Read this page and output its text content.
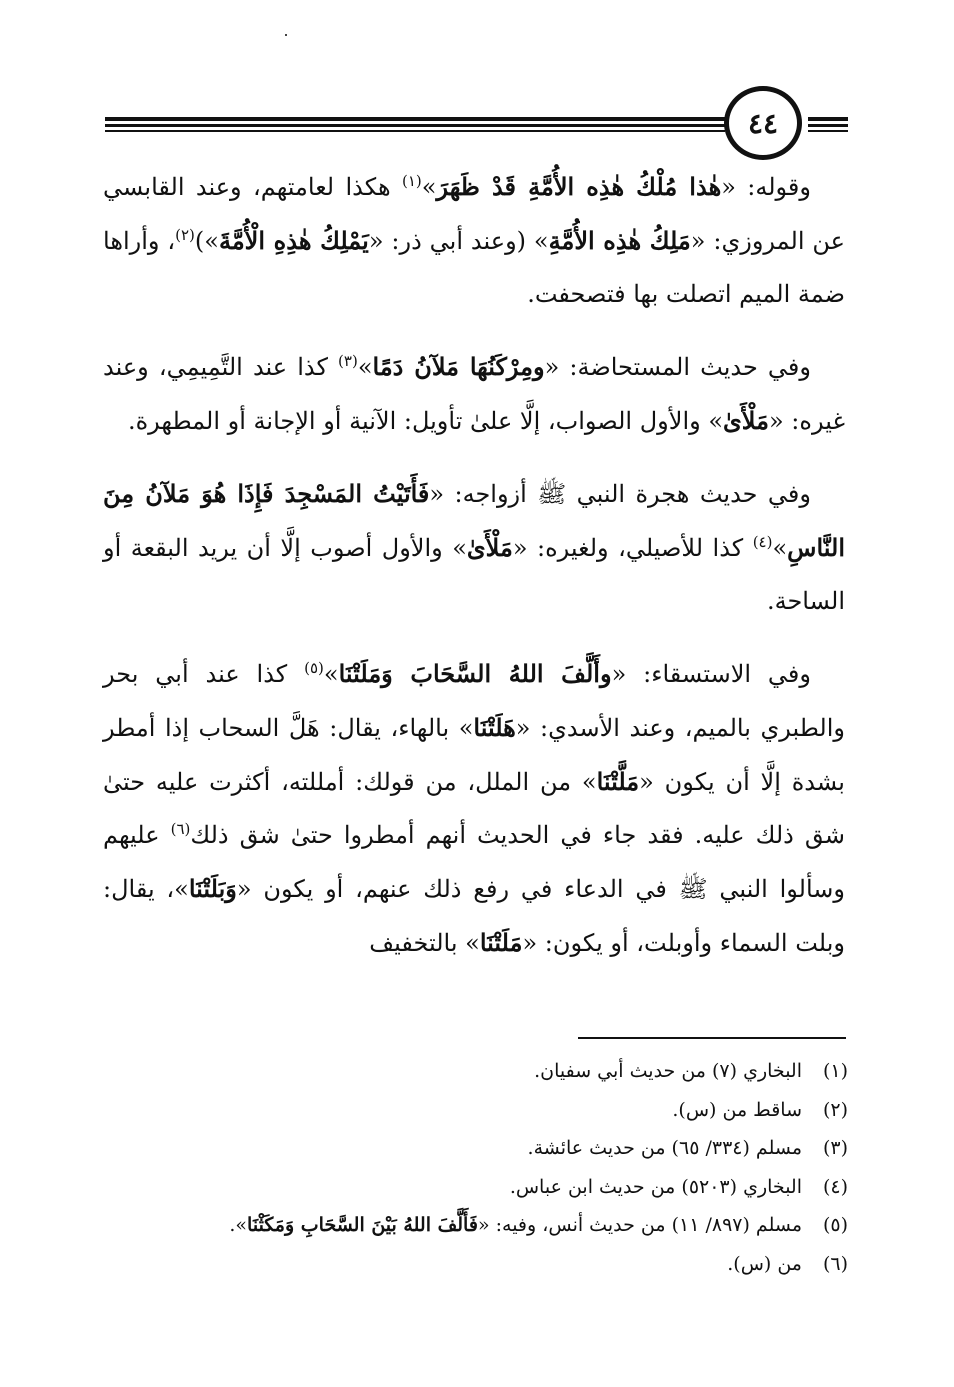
٤٤

وقوله: «هٰذا مُلْكُ هٰذِه الأُمَّةِ قَدْ ظَهَرَ»$^{(١)}$ هكذا لعامتهم، وعند القابسي عن المروزي: «مَلِكُ هٰذِه الأُمَّةِ» (وعند أبي ذر: «يَمْلِكُ هٰذِهِ الْأُمَّةَ»)$^{(٢)}$، وأراها ضمة الميم اتصلت بها فتصحفت.

وفي حديث المستحاضة: «ومِرْكَنُهَا مَلآنُ دَمًا»$^{(٣)}$ كذا عند التَّمِيمِي، وعند غيره: «مَلْأَىٰ» والأول الصواب، إلَّا علىٰ تأويل: الآنية أو الإجانة أو المطهرة.

وفي حديث هجرة النبي ﷺ أزواجه: «فَأَتَيْتُ المَسْجِدَ فَإِذَا هُوَ مَلآنُ مِنَ النَّاسِ»$^{(٤)}$ كذا للأصيلي، ولغيره: «مَلْأَىٰ» والأول أصوب إلَّا أن يريد البقعة أو الساحة.

وفي الاستسقاء: «وأَلَّفَ اللهُ السَّحَابَ وَمَلَتْنَا»$^{(٥)}$ كذا عند أبي بحر والطبري بالميم، وعند الأسدي: «هَلَتْنَا» بالهاء، يقال: هَلَّ السحاب إذا أمطر بشدة إلَّا أن يكون «مَلَّتْنَا» من الملل، من قولك: أمللته، أكثرت عليه حتىٰ شق ذلك عليه. فقد جاء في الحديث أنهم أمطروا حتىٰ شق ذلك$^{(٦)}$ عليهم وسألوا النبي ﷺ في الدعاء في رفع ذلك عنهم، أو يكون «وَبَلَتْنَا»، يقال: وبلت السماء وأوبلت، أو يكون: «مَلَتْنَا» بالتخفيف

(١)
البخاري (٧) من حديث أبي سفيان.
(٢)
ساقط من (س).
(٣)
مسلم (٣٣٤/ ٦٥) من حديث عائشة.
(٤)
البخاري (٥٢٠٣) من حديث ابن عباس.
(٥)
مسلم (٨٩٧/ ١١) من حديث أنس، وفيه: «فَأَلَّفَ اللهُ بَيْنَ السَّحَابِ وَمَكَثْنَا».
(٦)
من (س).
